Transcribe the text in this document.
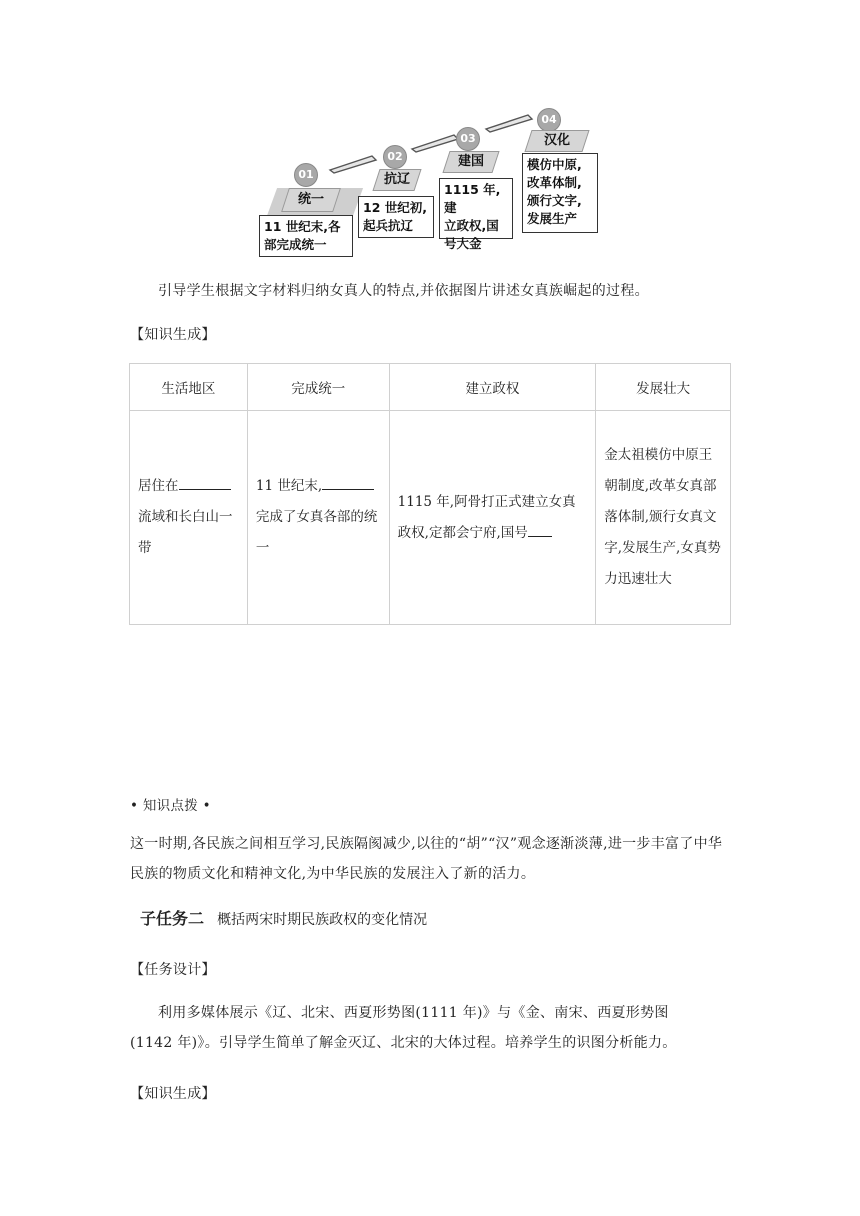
01
统一
11 世纪末,各
部完成统一
02
抗辽
12 世纪初,
起兵抗辽
03
建国
1115 年,建
立政权,国
号大金
04
汉化
模仿中原,
改革体制,
颁行文字,
发展生产
引导学生根据文字材料归纳女真人的特点,并依据图片讲述女真族崛起的过程。
【知识生成】
生活地区	完成统一	建立政权	发展壮大
居住在流域和长白山一带	11 世纪末,完成了女真各部的统一	1115 年,阿骨打正式建立女真政权,定都会宁府,国号	金太祖模仿中原王朝制度,改革女真部落体制,颁行女真文字,发展生产,女真势力迅速壮大
• 知识点拨 •
这一时期,各民族之间相互学习,民族隔阂减少,以往的“胡”“汉”观念逐渐淡薄,进一步丰富了中华民族的物质文化和精神文化,为中华民族的发展注入了新的活力。
子任务二 概括两宋时期民族政权的变化情况
【任务设计】
利用多媒体展示《辽、北宋、西夏形势图(1111 年)》与《金、南宋、西夏形势图(1142 年)》。引导学生简单了解金灭辽、北宋的大体过程。培养学生的识图分析能力。
【知识生成】
